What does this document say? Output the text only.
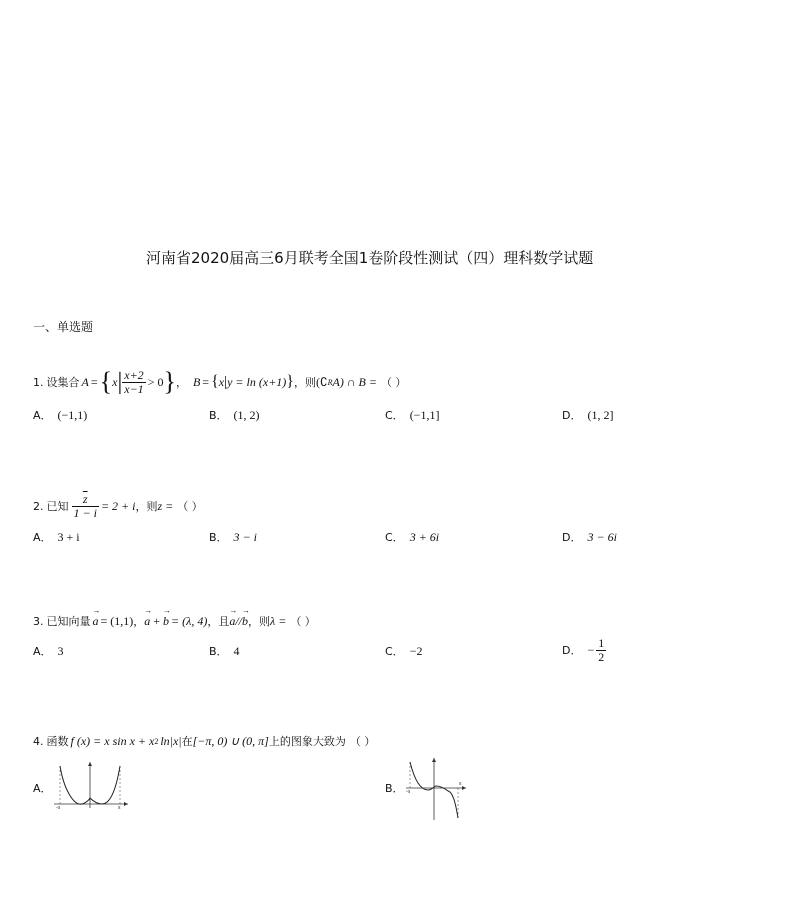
河南省2020届高三6月联考全国1卷阶段性测试（四）理科数学试题
一、单选题
1. 设集合 A = { x | $\frac{x+2}{x-1} > 0$ } ， B = { x | y = ln (x+1) } ，则 (∁ R A) ∩ B = （ ）
A． (−1,1)	B． (1, 2)	C． (−1,1]	D． (1, 2]
2. 已知 $\frac{\overline{z}}{1 - i} = 2 + i$ ，则 z = （ ）
A． 3 + i	B． 3 − i	C． 3 + 6i	D． 3 − 6i
3. 已知向量
→
a = (1,1) ，
→
a +
→
b = (λ, 4) ，且
→
a //
→
b ，则 λ = （ ）
A． 3	B． 4	C． −2	D． − $\frac{1}{2}$
4. 函数 f (x) = x sin x + x 2 ln|x| 在 [−π, 0) ∪ (0, π] 上的图象大致为 （ ）
A．
-π	π
B． -π
π
